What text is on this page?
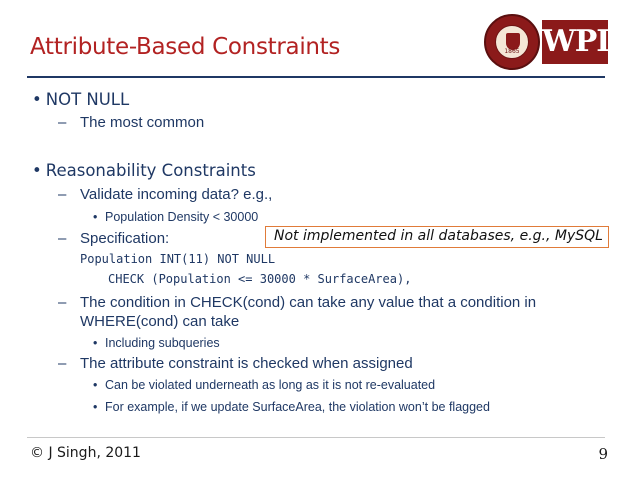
Attribute-Based Constraints	1865 WPI
• NOT NULL
– The most common
• Reasonability Constraints
– Validate incoming data? e.g.,
• Population Density < 30000
– Specification:	Not implemented in all databases, e.g., MySQL
Population INT(11) NOT NULL
CHECK (Population <= 30000 * SurfaceArea),
– The condition in CHECK(cond) can take any value that a condition in
WHERE(cond) can take
• Including subqueries
– The attribute constraint is checked when assigned
• Can be violated underneath as long as it is not re-evaluated
• For example, if we update SurfaceArea, the violation won’t be flagged
© J Singh, 2011	9
